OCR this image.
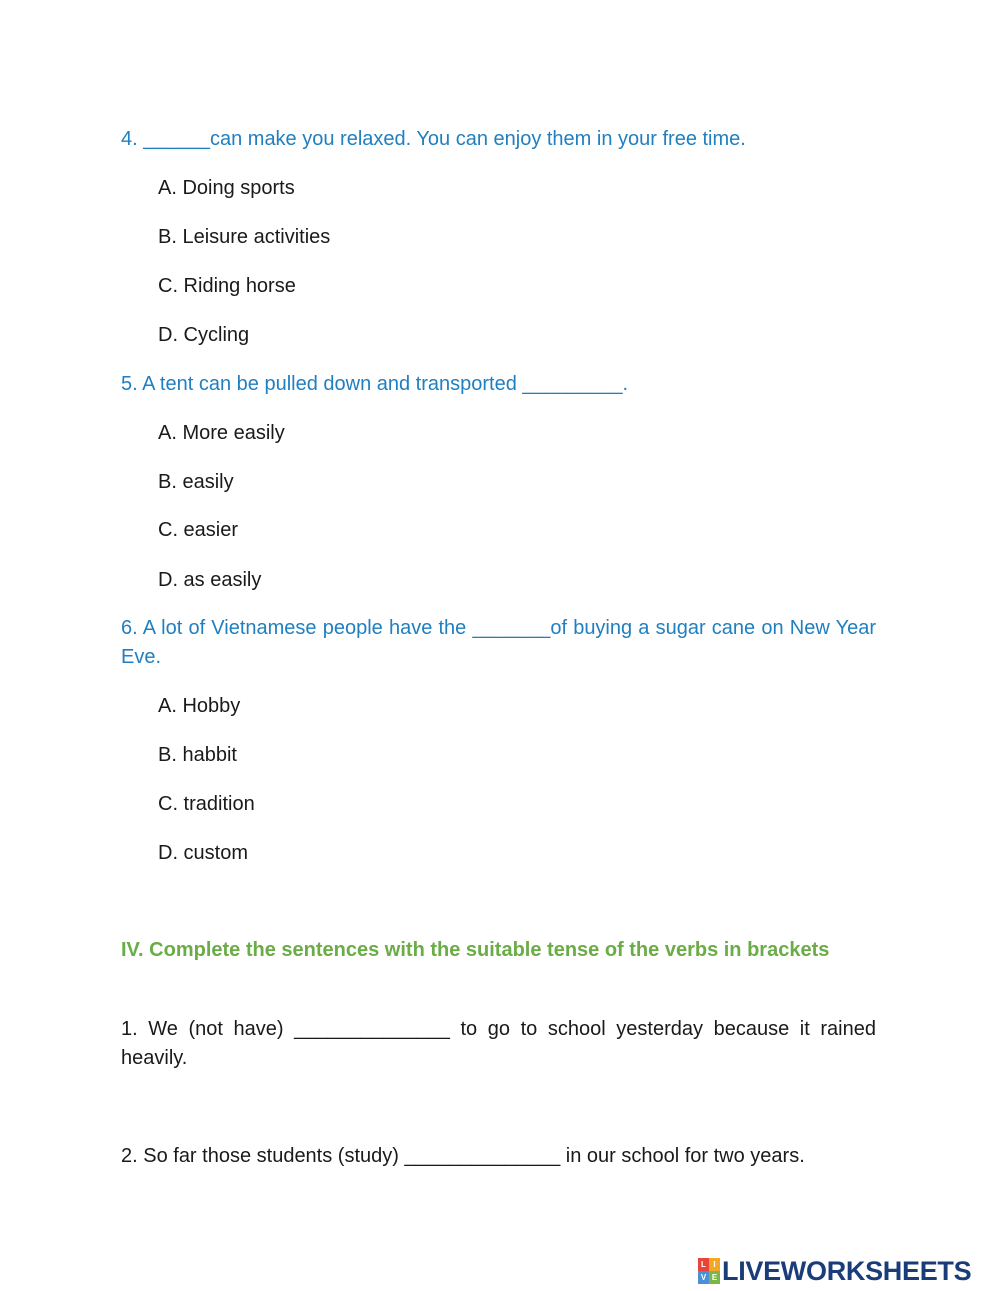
4. ______can make you relaxed. You can enjoy them in your free time.
A. Doing sports
B. Leisure activities
C. Riding horse
D. Cycling
5. A tent can be pulled down and transported _________.
A. More easily
B. easily
C. easier
D. as easily
6. A lot of Vietnamese people have the _______of buying a sugar cane on New Year Eve.
A. Hobby
B. habbit
C. tradition
D. custom
IV. Complete the sentences with the suitable tense of the verbs in brackets
1. We (not have) ______________ to go to school yesterday because it rained heavily.
2. So far those students (study) ______________ in our school for two years.
L I
V E LIVEWORKSHEETS
